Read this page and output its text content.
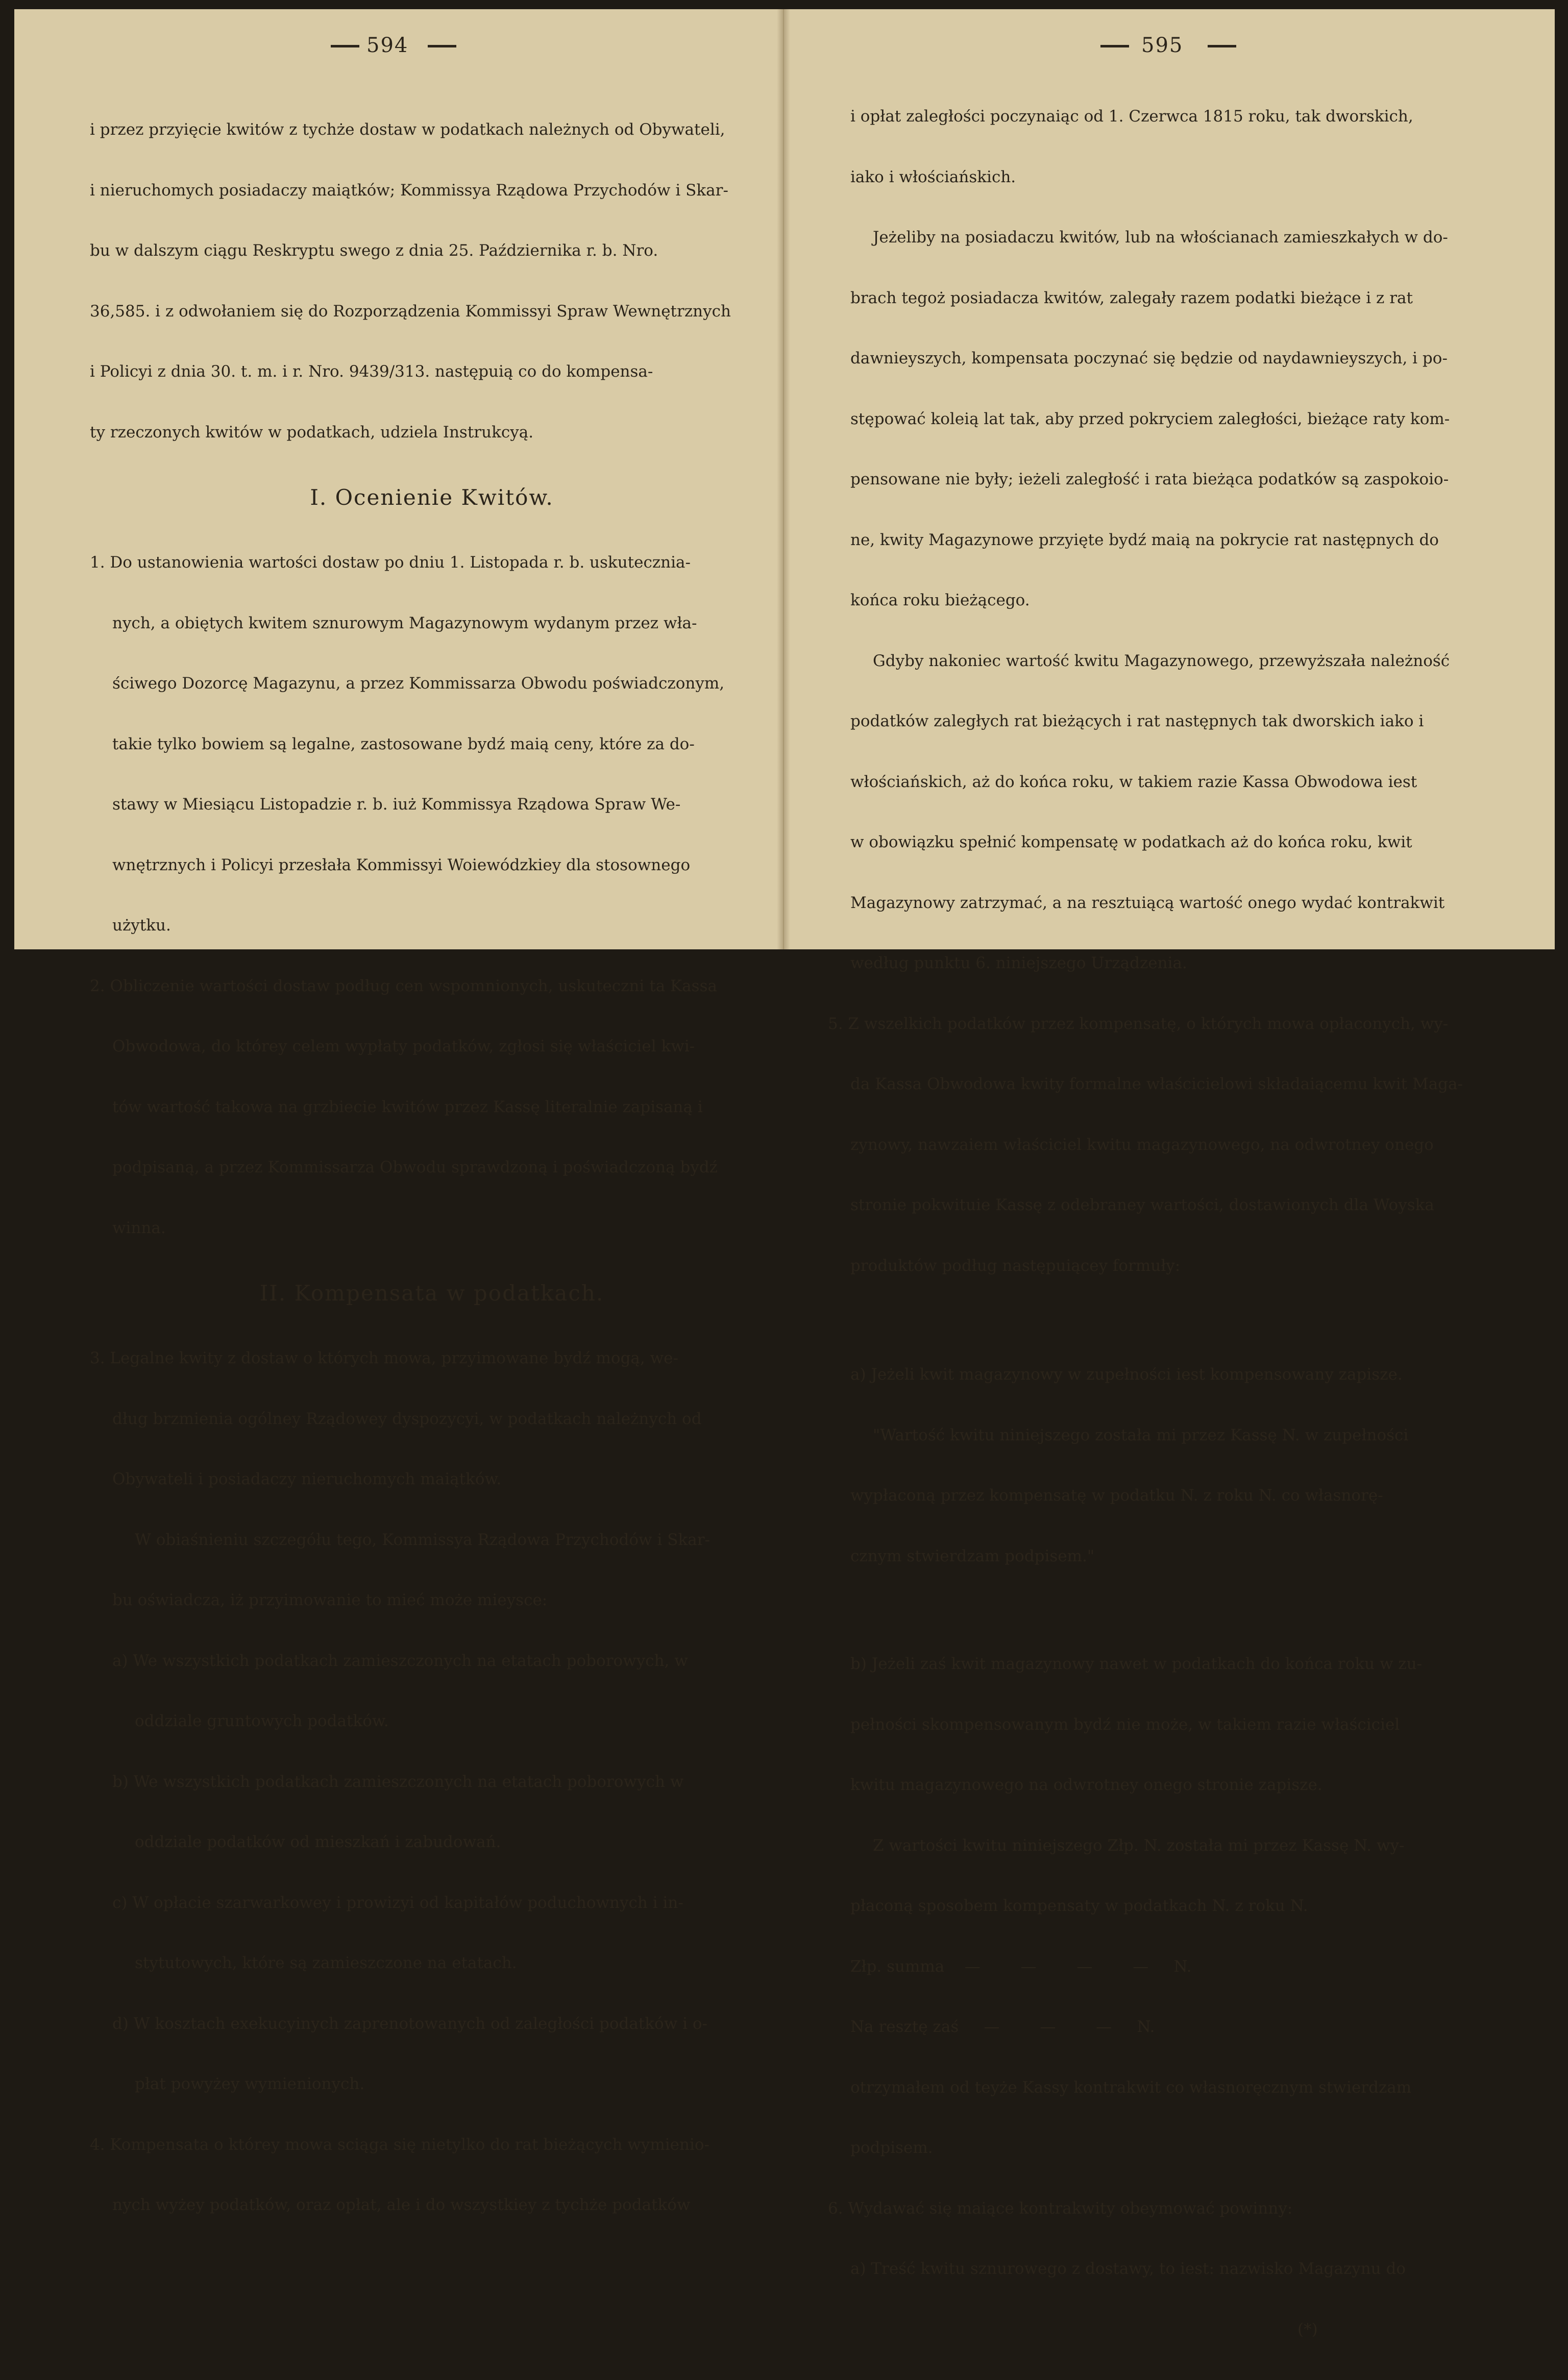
594

i przez przyięcie kwitów z tychże dostaw w podatkach należnych od Obywateli,

i nieruchomych posiadaczy maiątków; Kommissya Rządowa Przychodów i Skar-

bu w dalszym ciągu Reskryptu swego z dnia 25. Października r. b. Nro.

36,585. i z odwołaniem się do Rozporządzenia Kommissyi Spraw Wewnętrznych

i Policyi z dnia 30. t. m. i r. Nro. 9439/313. następuią co do kompensa-

ty rzeczonych kwitów w podatkach, udziela Instrukcyą.

I. Ocenienie Kwitów.

1. Do ustanowienia wartości dostaw po dniu 1. Listopada r. b. uskutecznia-

nych, a obiętych kwitem sznurowym Magazynowym wydanym przez wła-

ściwego Dozorcę Magazynu, a przez Kommissarza Obwodu poświadczonym,

takie tylko bowiem są legalne, zastosowane bydź maią ceny, które za do-

stawy w Miesiącu Listopadzie r. b. iuż Kommissya Rządowa Spraw We-

wnętrznych i Policyi przesłała Kommissyi Woiewódzkiey dla stosownego

użytku.

2. Obliczenie wartości dostaw podług cen wspomnionych, uskuteczni ta Kassa

Obwodowa, do którey celem wypłaty podatków, zgłosi się właściciel kwi-

tów wartość takowa na grzbiecie kwitów przez Kassę literalnie zapisaną i

podpisaną, a przez Kommissarza Obwodu sprawdzoną i poświadczoną bydź

winna.

II. Kompensata w podatkach.

3. Legalne kwity z dostaw o których mowa, przyimowane bydź mogą, we-

dług brzmienia ogólney Rządowey dyspozycyi, w podatkach należnych od

Obywateli i posiadaczy nieruchomych maiątków.

W obiaśnieniu szczegółu tego, Kommissya Rządowa Przychodów i Skar-

bu oświadcza, iż przyimowanie to mieć może mieysce:

a) We wszystkich podatkach zamieszczonych na etatach poborowych, w

oddziale gruntowych podatków.

b) We wszystkich podatkach zamieszczonych na etatach poborowych w

oddziale podatków od mieszkań i zabudowań.

c) W opłacie szarwarkowey i prowizyi od kapitałów poduchownych i in-

stytutowych, które są zamieszczone na etatach.

d) W kosztach exekucyinych zaprenotowanych od zaległości podatków i o-

płat powyżey wymienionych.

4. Kompensata o którey mowa sciąga się nietylko do rat bieżących wymienio-

nych wyżey podatków, oraz opłat, ale i do wszystkiey z tychże podatków

595

i opłat zaległości poczynaiąc od 1. Czerwca 1815 roku, tak dworskich,

iako i włościańskich.

Jeżeliby na posiadaczu kwitów, lub na włościanach zamieszkałych w do-

brach tegoż posiadacza kwitów, zalegały razem podatki bieżące i z rat

dawnieyszych, kompensata poczynać się będzie od naydawnieyszych, i po-

stępować koleią lat tak, aby przed pokryciem zaległości, bieżące raty kom-

pensowane nie były; ieżeli zaległość i rata bieżąca podatków są zaspokoio-

ne, kwity Magazynowe przyięte bydź maią na pokrycie rat następnych do

końca roku bieżącego.

Gdyby nakoniec wartość kwitu Magazynowego, przewyższała należność

podatków zaległych rat bieżących i rat następnych tak dworskich iako i

włościańskich, aż do końca roku, w takiem razie Kassa Obwodowa iest

w obowiązku spełnić kompensatę w podatkach aż do końca roku, kwit

Magazynowy zatrzymać, a na resztuiącą wartość onego wydać kontrakwit

według punktu 6. niniejszego Urządzenia.

5. Z wszelkich podatków przez kompensatę, o których mowa opłaconych, wy-

da Kassa Obwodowa kwity formalne właścicielowi składaiącemu kwit Maga-

zynowy, nawzaiem właściciel kwitu magazynowego, na odwrotney onego

stronie pokwituie Kassę z odebraney wartości, dostawionych dla Woyska

produktów podług następuiącey formuły:

a) Jeżeli kwit magazynowy w zupełności iest kompensowany zapisze.

"Wartość kwitu niniejszego została mi przez Kassę N. w zupełności

wypłaconą przez kompensatę w podatku N. z roku N. co własnorę-

cznym stwierdzam podpisem."

b) Jeżeli zaś kwit magazynowy nawet w podatkach do końca roku w zu-

pełności skompensowanym bydź nie może, w takiem razie właściciel

kwitu magazynowego na odwrotney onego stronie zapisze.

Z wartości kwitu niniejszego Złp. N. została mi przez Kassę N. wy-

płaconą sposobem kompensaty w podatkach N. z roku N.

Złp. summa    —        —        —        —     N.

Na resztę zaś     —        —        —     N.

otrzymałem od teyże Kassy kontrakwit co własnoręcznym stwierdzam

podpisem.

6. Wydawać się maiące kontrakwity obeymować powinny:

a) Treść kwitu sznurowego z dostawy, to iest: nazwisko Magazynu do

(*)
